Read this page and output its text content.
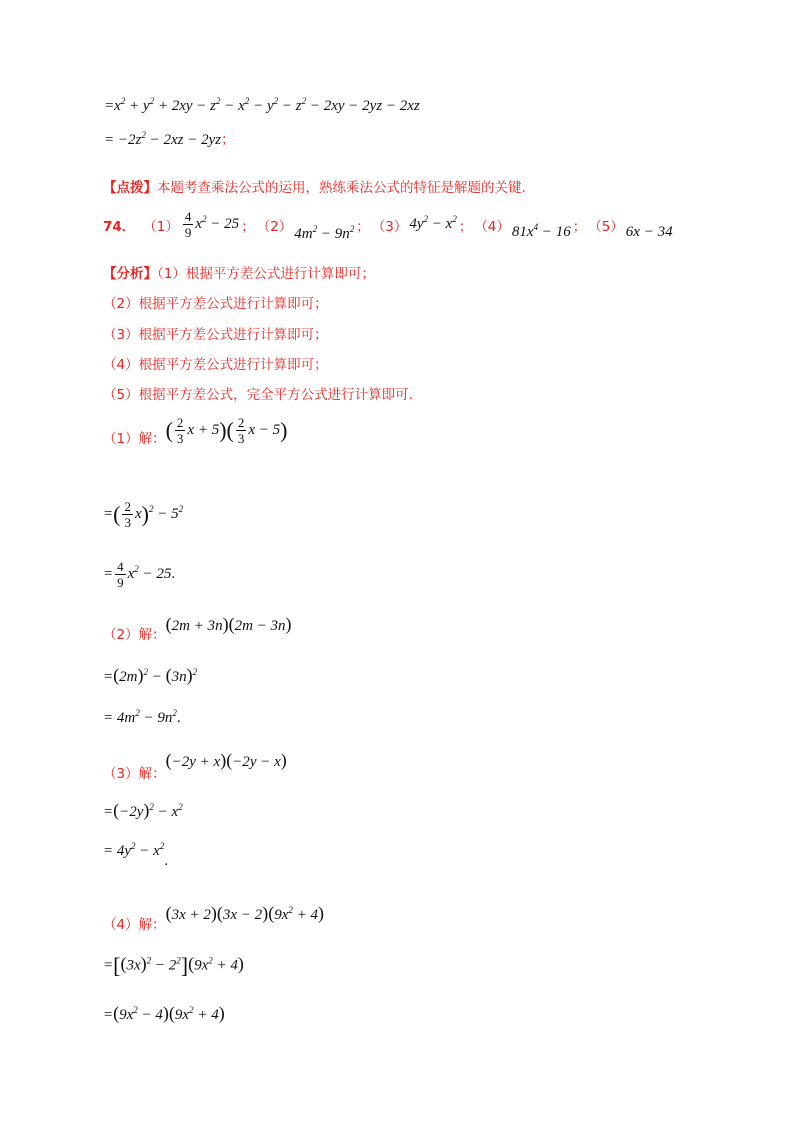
$=x^2 + y^2 + 2xy - z^2 - x^2 - y^2 - z^2 - 2xy - 2yz - 2xz$
= $-2z^2 - 2xz - 2yz$；
【点拨】本题考查乘法公式的运用，熟练乘法公式的特征是解题的关键.
74． $(1) \frac{4}{9} x^2 - 25$ ； （2） $4m^2 - 9n^2$ ； （3） $4y^2 - x^2$ ； （4） $81x^4 - 16$ ； （5） 6x − 34
【分析】（1）根据平方差公式进行计算即可；
（2）根据平方差公式进行计算即可；
（3）根据平方差公式进行计算即可；
（4）根据平方差公式进行计算即可；
（5）根据平方差公式，完全平方公式进行计算即可.
（1）解： ( $\frac{2}{3}$ $x + 5)( \frac{2}{3}$ x − 5)
=( $\frac{2}{3} x)^2 - 5^2$
= $\frac{4}{9} x^2 - 25$.
（2）解：
(2m + 3n)(2m − 3n)
$=(2m)^2 - (3n)^2$
= $4m^2 - 9n^2$.
（3）解：
(−2y + x)(−2y − x)
$=(-2y)^2 - x^2$
= $4y^2 - x^2$.
（4）解：
$(3x + 2)(3x - 2)(9x^2 + 4)$
$=[(3x)^2 - 2^2](9x^2 + 4)$
$=(9x^2 - 4)(9x^2 + 4)$
